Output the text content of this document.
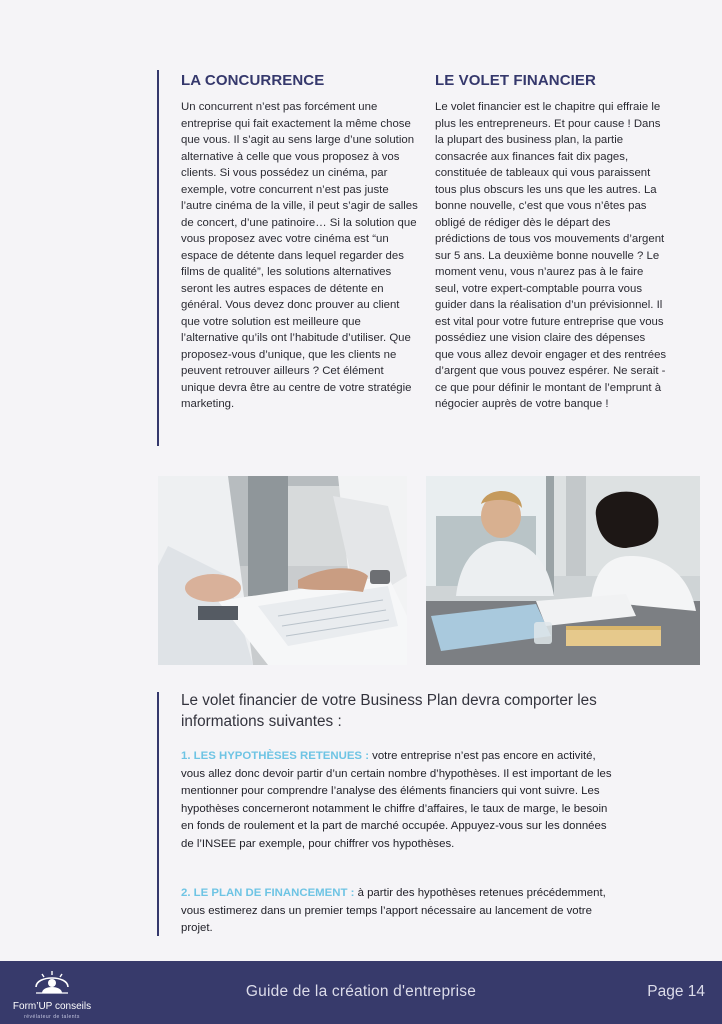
LA CONCURRENCE

Un concurrent n’est pas forcément une entreprise qui fait exactement la même chose que vous. Il s’agit au sens large d’une solution alternative à celle que vous proposez à vos clients. Si vous possédez un cinéma, par exemple, votre concurrent n’est pas juste l’autre cinéma de la ville, il peut s’agir de salles de concert, d’une patinoire… Si la solution que vous proposez avec votre cinéma est “un espace de détente dans lequel regarder des films de qualité”, les solutions alternatives seront les autres espaces de détente en général. Vous devez donc prouver au client que votre solution est meilleure que l’alternative qu’ils ont l’habitude d’utiliser. Que proposez-vous d’unique, que les clients ne peuvent retrouver ailleurs ? Cet élément unique devra être au centre de votre stratégie marketing.

LE VOLET FINANCIER

Le volet financier est le chapitre qui effraie le plus les entrepreneurs. Et pour cause ! Dans la plupart des business plan, la partie consacrée aux finances fait dix pages, constituée de tableaux qui vous paraissent tous plus obscurs les uns que les autres. La bonne nouvelle, c’est que vous n’êtes pas obligé de rédiger dès le départ des prédictions de tous vos mouvements d’argent sur 5 ans. La deuxième bonne nouvelle ? Le moment venu, vous n’aurez pas à le faire seul, votre expert-comptable pourra vous guider dans la réalisation d’un prévisionnel. Il est vital pour votre future entreprise que vous possédiez une vision claire des dépenses que vous allez devoir engager et des rentrées d’argent que vous pouvez espérer. Ne serait -ce que pour définir le montant de l’emprunt à négocier auprès de votre banque !

Le volet financier de votre Business Plan devra comporter les informations suivantes :

1. LES HYPOTHÈSES RETENUES : votre entreprise n’est pas encore en activité, vous allez donc devoir partir d’un certain nombre d’hypothèses. Il est important de les mentionner pour comprendre l’analyse des éléments financiers qui vont suivre. Les hypothèses concerneront notamment le chiffre d’affaires, le taux de marge, le besoin en fonds de roulement et la part de marché occupée. Appuyez-vous sur les données de l’INSEE par exemple, pour chiffrer vos hypothèses.

2. LE PLAN DE FINANCEMENT : à partir des hypothèses retenues précédemment, vous estimerez dans un premier temps l’apport nécessaire au lancement de votre projet.

Form’UP conseils
révélateur de talents
Guide de la création d'entreprise	Page 14
